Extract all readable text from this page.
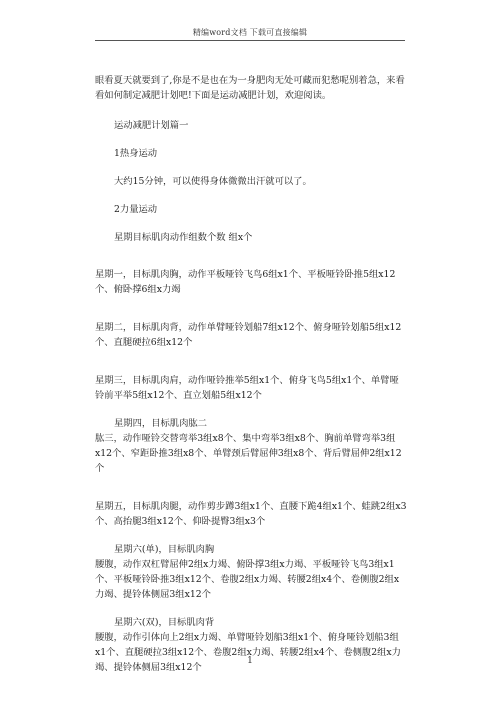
精编word文档 下载可直接编辑

眼看夏天就要到了,你是不是也在为一身肥肉无处可藏而犯愁呢别着急，来看看如何制定减肥计划吧!下面是运动减肥计划，欢迎阅读。

运动减肥计划篇一

1热身运动

大约15分钟，可以使得身体微微出汗就可以了。

2力量运动

星期目标肌肉动作组数个数 组x个

星期一，目标肌肉胸，动作平板哑铃飞鸟6组x1个、平板哑铃卧推5组x12个、俯卧撑6组x力竭

星期二，目标肌肉背，动作单臂哑铃划船7组x12个、俯身哑铃划船5组x12个、直腿硬拉6组x12个

星期三，目标肌肉肩，动作哑铃推举5组x1个、俯身飞鸟5组x1个、单臂哑铃前平举5组x12个、直立划船5组x12个

星期四，目标肌肉肱二

肱三，动作哑铃交替弯举3组x8个、集中弯举3组x8个、胸前单臂弯举3组x12个、窄距卧推3组x8个、单臂颈后臂屈伸3组x8个、背后臂屈伸2组x12个

星期五，目标肌肉腿，动作剪步蹲3组x1个、直腰下跪4组x1个、蛙跳2组x3个、高抬腿3组x12个、仰卧提臀3组x3个

星期六(单)，目标肌肉胸

腰腹，动作双杠臂屈伸2组x力竭、俯卧撑3组x力竭、平板哑铃飞鸟3组x1个、平板哑铃卧推3组x12个、卷腹2组x力竭、转腰2组x4个、卷侧腹2组x力竭、提铃体侧屈3组x12个

星期六(双)，目标肌肉背

腰腹，动作引体向上2组x力竭、单臂哑铃划船3组x1个、俯身哑铃划船3组x1个、直腿硬拉3组x12个、卷腹2组x力竭、转腰2组x4个、卷侧腹2组x力竭、提铃体侧屈3组x12个

1
